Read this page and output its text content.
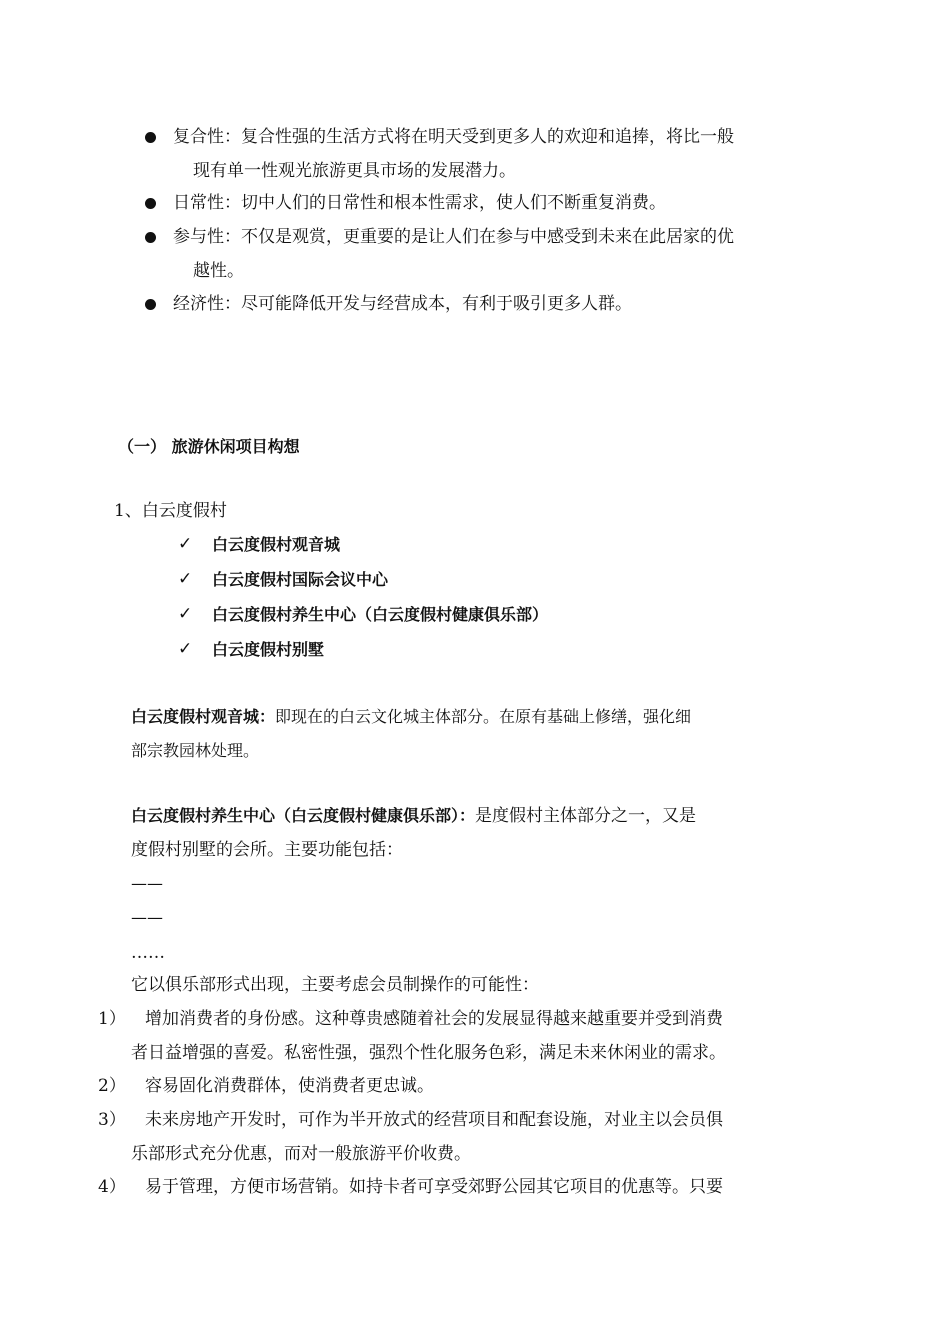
复合性：复合性强的生活方式将在明天受到更多人的欢迎和追捧，将比一般
现有单一性观光旅游更具市场的发展潜力。
日常性：切中人们的日常性和根本性需求，使人们不断重复消费。
参与性：不仅是观赏，更重要的是让人们在参与中感受到未来在此居家的优
越性。
经济性：尽可能降低开发与经营成本，有利于吸引更多人群。
（一） 旅游休闲项目构想
1、白云度假村
✓ 白云度假村观音城
✓ 白云度假村国际会议中心
✓ 白云度假村养生中心（白云度假村健康俱乐部）
✓ 白云度假村别墅
白云度假村观音城：即现在的白云文化城主体部分。在原有基础上修缮，强化细
部宗教园林处理。
白云度假村养生中心（白云度假村健康俱乐部）：是度假村主体部分之一，又是
度假村别墅的会所。主要功能包括：
——
——
……
它以俱乐部形式出现，主要考虑会员制操作的可能性：
1） 增加消费者的身份感。这种尊贵感随着社会的发展显得越来越重要并受到消费
者日益增强的喜爱。私密性强，强烈个性化服务色彩，满足未来休闲业的需求。
2） 容易固化消费群体，使消费者更忠诚。
3） 未来房地产开发时，可作为半开放式的经营项目和配套设施，对业主以会员俱
乐部形式充分优惠，而对一般旅游平价收费。
4） 易于管理，方便市场营销。如持卡者可享受郊野公园其它项目的优惠等。只要
